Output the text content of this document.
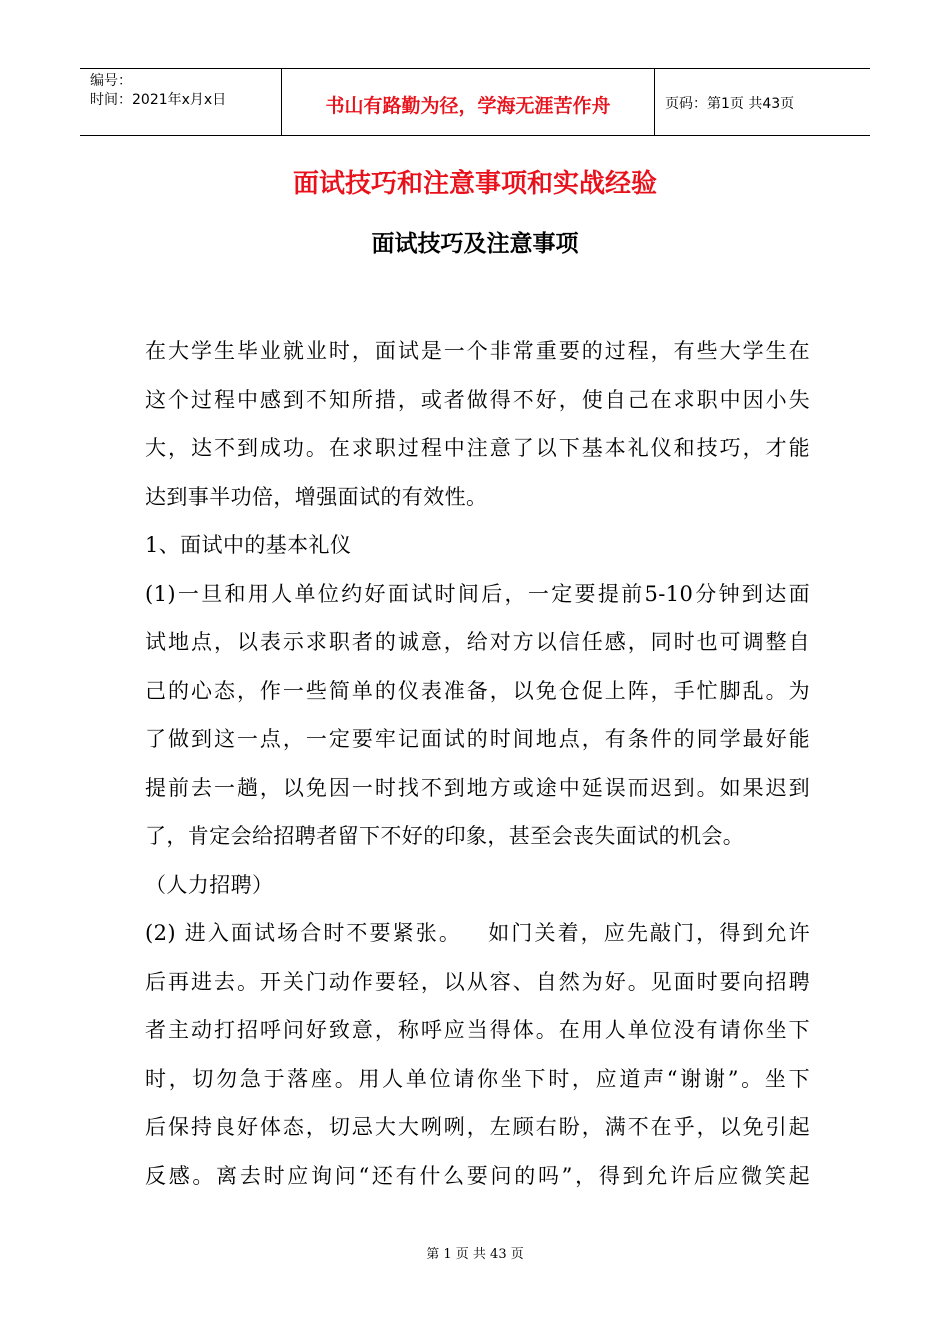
编号：
时间：2021年x月x日	书山有路勤为径，学海无涯苦作舟	页码：第1页 共43页
面试技巧和注意事项和实战经验
面试技巧及注意事项
在大学生毕业就业时，面试是一个非常重要的过程，有些大学生在
这个过程中感到不知所措，或者做得不好，使自己在求职中因小失
大，达不到成功。在求职过程中注意了以下基本礼仪和技巧，才能
达到事半功倍，增强面试的有效性。
1、面试中的基本礼仪
(1)一旦和用人单位约好面试时间后，一定要提前5-10分钟到达面
试地点，以表示求职者的诚意，给对方以信任感，同时也可调整自
己的心态，作一些简单的仪表准备，以免仓促上阵，手忙脚乱。为
了做到这一点，一定要牢记面试的时间地点，有条件的同学最好能
提前去一趟，以免因一时找不到地方或途中延误而迟到。如果迟到
了，肯定会给招聘者留下不好的印象，甚至会丧失面试的机会。
（人力招聘）
(2) 进入面试场合时不要紧张。   如门关着，应先敲门，得到允许
后再进去。开关门动作要轻，以从容、自然为好。见面时要向招聘
者主动打招呼问好致意，称呼应当得体。在用人单位没有请你坐下
时，切勿急于落座。用人单位请你坐下时，应道声“谢谢”。坐下
后保持良好体态，切忌大大咧咧，左顾右盼，满不在乎，以免引起
反感。离去时应询问“还有什么要问的吗”，得到允许后应微笑起
第 1 页 共 43 页
